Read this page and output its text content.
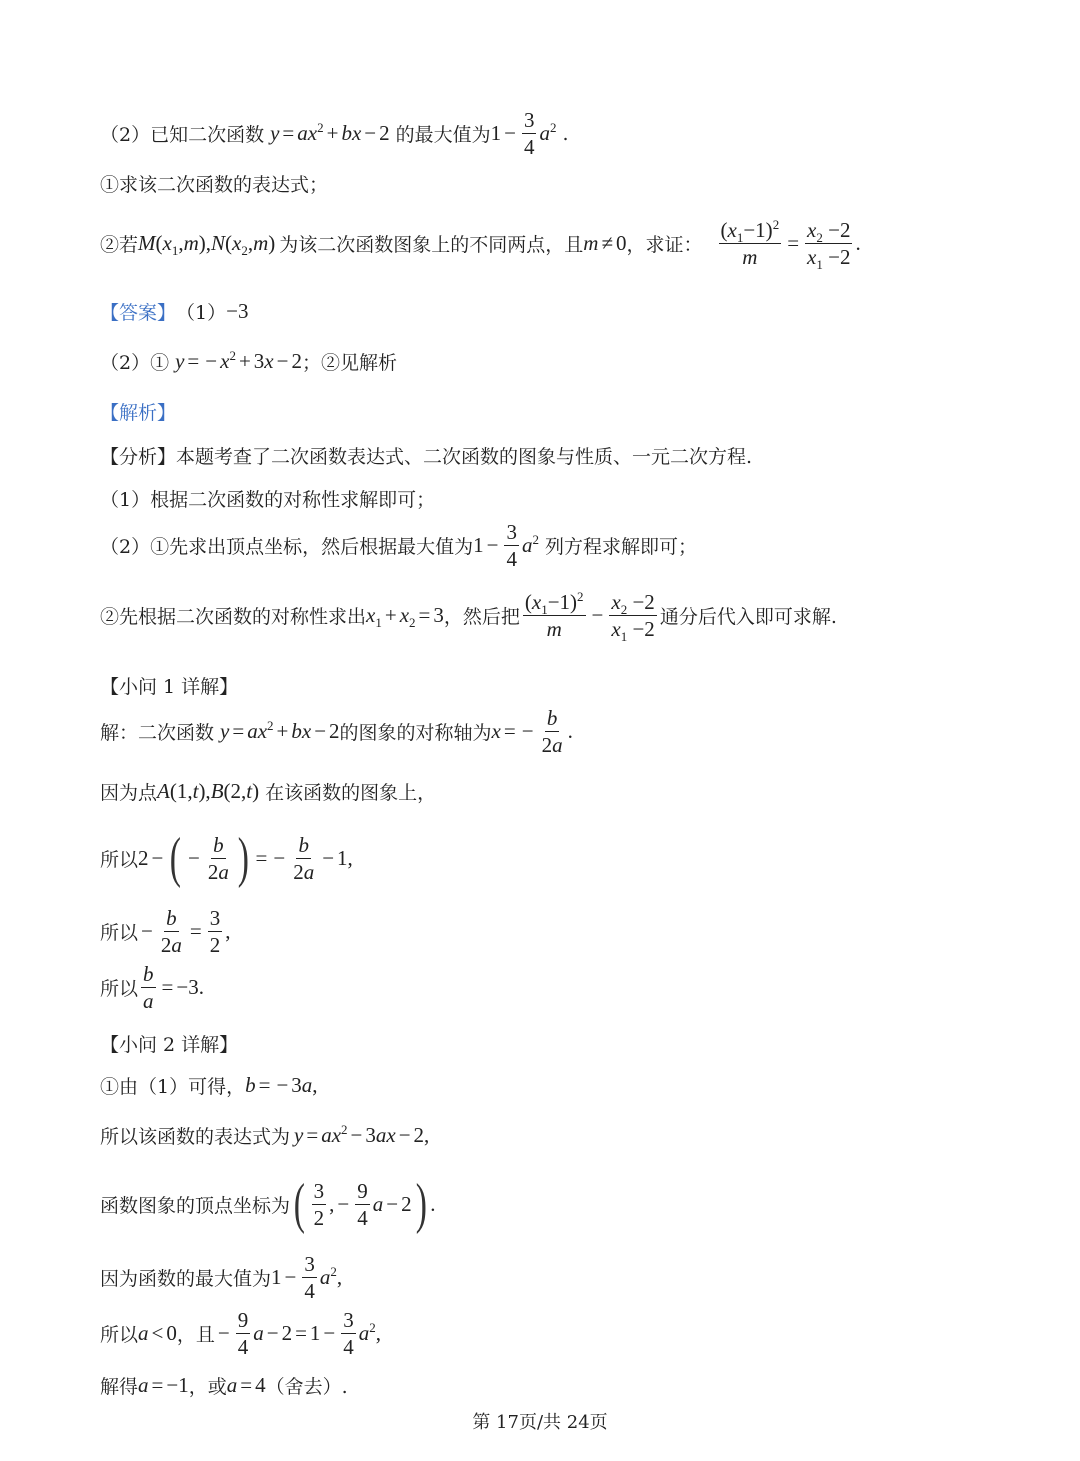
（2）已知二次函数 $y = ax^2$ + bx − 2 的最大值为 $1 - \frac{3}{4} a^2$ .
①求该二次函数的表达式；
②若 M ( $x_1$ , m ), N ( $x_2$ , m ) 为该二次函数图象上的不同两点，且 m ≠ 0 ，求证： $\frac{(x_1-1)^2}{m} = \frac{x_2 -2}{x_1 -2}$ .
【答案】 （1） −3
（2）① y = − $x^2 + 3$ x − 2 ；②见解析
【解析】
【分析】 本题考查了二次函数表达式、二次函数的图象与性质、一元二次方程.
（1）根据二次函数的对称性求解即可；
（2）①先求出顶点坐标，然后根据最大值为 $1 - \frac{3}{4} a^2$ 列方程求解即可；
②先根据二次函数的对称性求出 $x_1 + x_2 = 3$ ，然后把 $\frac{(x_1-1)^2}{m} - \frac{x_2 -2}{x_1 -2}$ 通分后代入即可求解.
【小问 1 详解】
解：二次函数 $y = ax^2$ + bx − 2 的图象的对称轴为 x = − $\frac{b}{2a}$ .
因为点 A (1, t ), B (2, t ) 在该函数的图象上，
所以 2 − ( − $\frac{b}{2a}$ ) = − $\frac{b}{2a} - 1$,
所以 − $\frac{b}{2a} = \frac{3}{2}$ ,
所以 $\frac{b}{a} = -3$.
【小问 2 详解】
①由（1）可得， b = − 3 a ,
所以该函数的表达式为 $y = ax^2 - 3$ ax − 2,
函数图象的顶点坐标为 ( $\frac{3}{2}$ , − $\frac{9}{4}$ a − 2 ) .
因为函数的最大值为 $1 - \frac{3}{4} a^2$ ,
所以 a < 0 ，且 − $\frac{9}{4}$ $a - 2 = 1 - \frac{3}{4} a^2$ ,
解得 a = −1 ，或 a = 4 （舍去）.
第 17页/共 24页
